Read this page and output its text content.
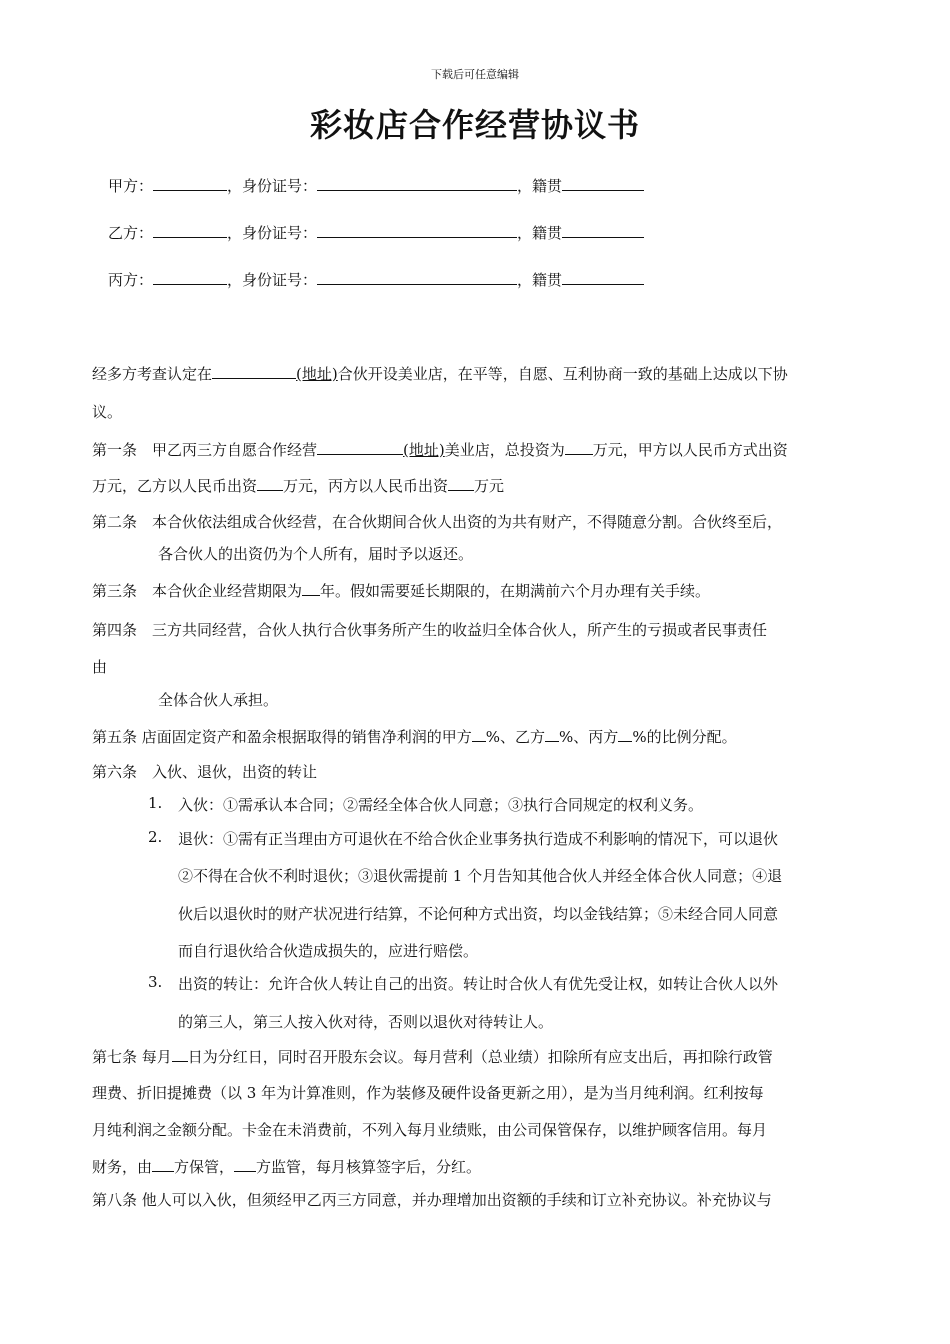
下载后可任意编辑
彩妆店合作经营协议书
甲方：	，身份证号：	，籍贯
乙方：	，身份证号：	，籍贯
丙方：	，身份证号：	，籍贯
经多方考查认定在	(地址)合伙开设美业店，在平等，自愿、互利协商一致的基础上达成以下协
议。
第一条　甲乙丙三方自愿合作经营	(地址)美业店，总投资为 万元，甲方以人民币方式出资
万元，乙方以人民币出资 万元，丙方以人民币出资 万元
第二条　本合伙依法组成合伙经营，在合伙期间合伙人出资的为共有财产，不得随意分割。合伙终至后，
各合伙人的出资仍为个人所有，届时予以返还。
第三条　本合伙企业经营期限为 年。假如需要延长期限的，在期满前六个月办理有关手续。
第四条　三方共同经营，合伙人执行合伙事务所产生的收益归全体合伙人，所产生的亏损或者民事责任
由
全体合伙人承担。
第五条 店面固定资产和盈余根据取得的销售净利润的甲方 %、乙方 %、丙方 %的比例分配。
第六条　入伙、退伙，出资的转让
1. 入伙：①需承认本合同；②需经全体合伙人同意；③执行合同规定的权利义务。
2. 退伙：①需有正当理由方可退伙在不给合伙企业事务执行造成不利影响的情况下，可以退伙
②不得在合伙不利时退伙；③退伙需提前 1 个月告知其他合伙人并经全体合伙人同意；④退
伙后以退伙时的财产状况进行结算，不论何种方式出资，均以金钱结算；⑤未经合同人同意
而自行退伙给合伙造成损失的，应进行赔偿。
3. 出资的转让：允许合伙人转让自己的出资。转让时合伙人有优先受让权，如转让合伙人以外
的第三人，第三人按入伙对待，否则以退伙对待转让人。
第七条 每月 日为分红日，同时召开股东会议。每月营利（总业绩）扣除所有应支出后，再扣除行政管
理费、折旧提摊费（以 3 年为计算准则，作为装修及硬件设备更新之用），是为当月纯利润。红利按每
月纯利润之金额分配。卡金在未消费前，不列入每月业绩账，由公司保管保存，以维护顾客信用。每月
财务，由 方保管， 方监管，每月核算签字后，分红。
第八条 他人可以入伙，但须经甲乙丙三方同意，并办理增加出资额的手续和订立补充协议。补充协议与
